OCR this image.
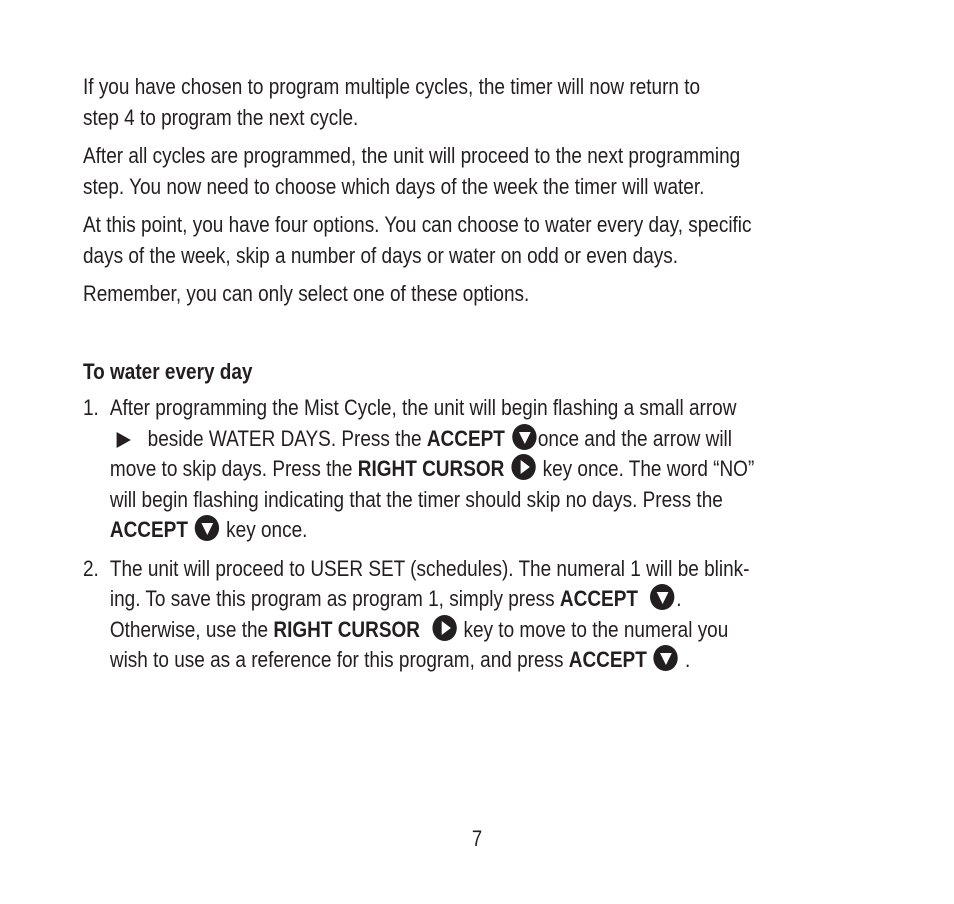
If you have chosen to program multiple cycles, the timer will now return to
step 4 to program the next cycle.
After all cycles are programmed, the unit will proceed to the next programming
step. You now need to choose which days of the week the timer will water.
At this point, you have four options. You can choose to water every day, specific
days of the week, skip a number of days or water on odd or even days.
Remember, you can only select one of these options.
To water every day
1. After programming the Mist Cycle, the unit will begin flashing a small arrow
beside WATER DAYS. Press the ACCEPT once and the arrow will
move to skip days. Press the RIGHT CURSOR  key once. The word “NO”
will begin flashing indicating that the timer should skip no days. Press the
ACCEPT  key once.
2. The unit will proceed to USER SET (schedules). The numeral 1 will be blink-
ing. To save this program as program 1, simply press ACCEPT .
Otherwise, use the RIGHT CURSOR   key to move to the numeral you
wish to use as a reference for this program, and press ACCEPT  .
7
